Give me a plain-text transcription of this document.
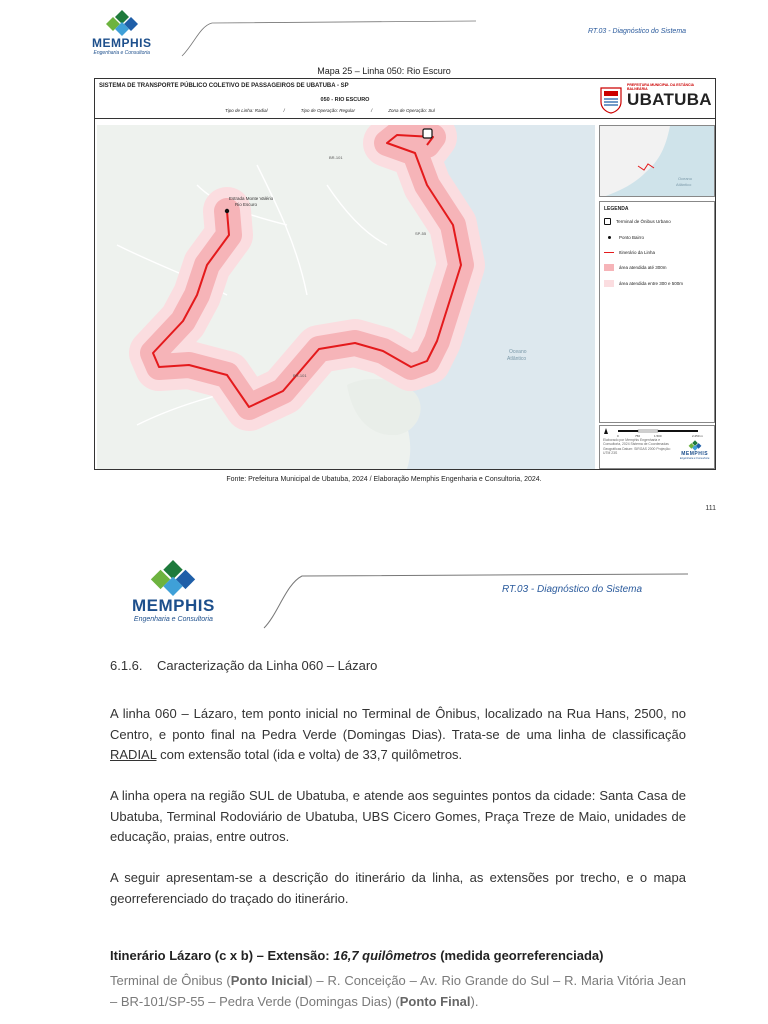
MEMPHIS
Engenharia e Consultoria
RT.03 - Diagnóstico do Sistema
Mapa 25 – Linha 050: Rio Escuro
SISTEMA DE TRANSPORTE PÚBLICO COLETIVO DE PASSAGEIROS DE UBATUBA - SP
050 - RIO ESCURO
Tipo de Linha: Radial	/	Tipo de Operação: Regular	/	Zona de Operação: Sul
PREFEITURA MUNICIPAL DA ESTÂNCIA BALNEÁRIA
UBATUBA
Estrada Monte Valério
Rio Escuro
Oceano
Atlântico
BR-101
SP-55
BR-101
Oceano
Atlântico
LEGENDA
Terminal de Ônibus Urbano
Ponto Bairro
Itinerário da Linha
área atendida até 300m
área atendida entre 300 e 500m
0	750	1.500	2.250 m
Elaborado por Memphis Engenharia e Consultoria, 2024 Sistema de Coordenadas Geográficas Datum: SIRGAS 2000 Projeção: UTM 23S	MEMPHIS
Engenharia e Consultoria
Fonte: Prefeitura Municipal de Ubatuba, 2024 / Elaboração Memphis Engenharia e Consultoria, 2024.
111
MEMPHIS
Engenharia e Consultoria
RT.03 - Diagnóstico do Sistema
6.1.6. Caracterização da Linha 060 – Lázaro

A linha 060 – Lázaro, tem ponto inicial no Terminal de Ônibus, localizado na Rua Hans, 2500, no Centro, e ponto final na Pedra Verde (Domingas Dias). Trata-se de uma linha de classificação RADIAL com extensão total (ida e volta) de 33,7 quilômetros.

A linha opera na região SUL de Ubatuba, e atende aos seguintes pontos da cidade: Santa Casa de Ubatuba, Terminal Rodoviário de Ubatuba, UBS Cicero Gomes, Praça Treze de Maio, unidades de educação, praias, entre outros.

A seguir apresentam-se a descrição do itinerário da linha, as extensões por trecho, e o mapa georreferenciado do traçado do itinerário.

Itinerário Lázaro (c x b) – Extensão: 16,7 quilômetros (medida georreferenciada)

Terminal de Ônibus (Ponto Inicial) – R. Conceição – Av. Rio Grande do Sul – R. Maria Vitória Jean – BR-101/SP-55 – Pedra Verde (Domingas Dias) (Ponto Final).
